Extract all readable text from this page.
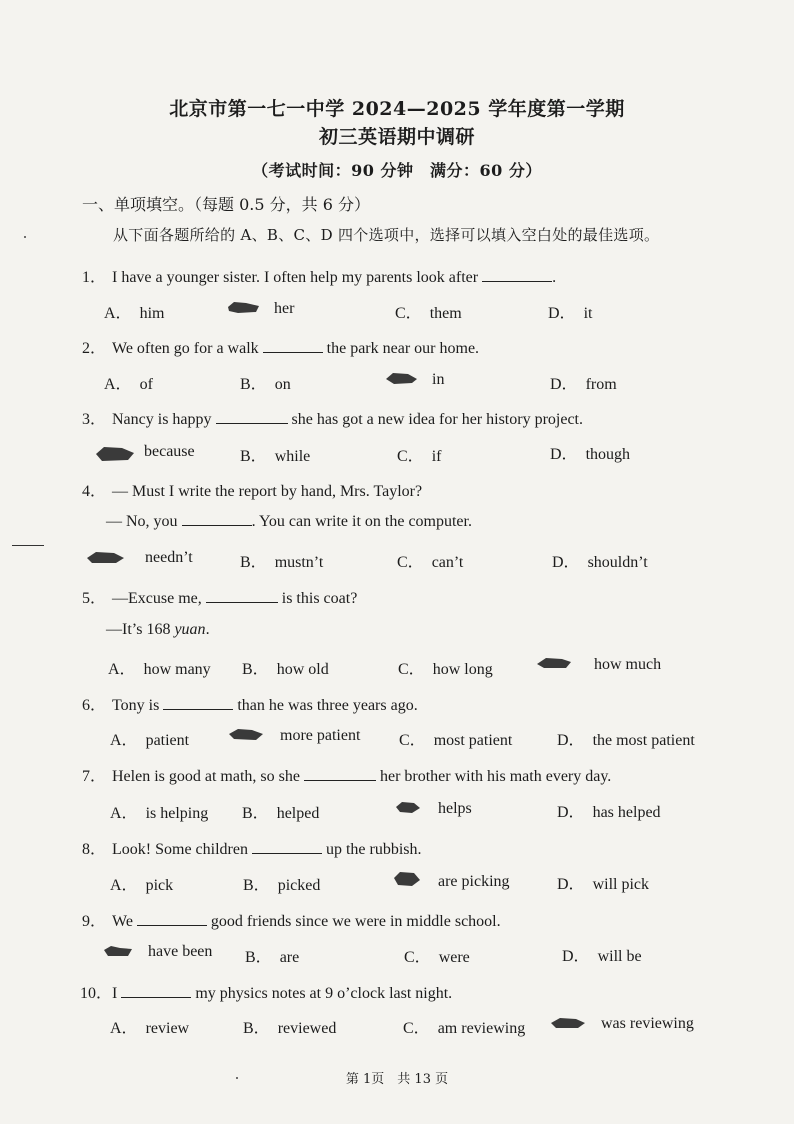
北京市第一七一中学 2024—2025 学年度第一学期
初三英语期中调研
（考试时间：90 分钟　满分：60 分）
一、单项填空。（每题 0.5 分，共 6 分）
从下面各题所给的 A、B、C、D 四个选项中，选择可以填入空白处的最佳选项。
1． I have a younger sister. I often help my parents look after	.
A． him	her	C． them	D． it
2． We often go for a walk	the park near our home.
A． of	B． on	in	D． from
3． Nancy is happy	she has got a new idea for her history project.
because	B． while	C． if	D． though
4． — Must I write the report by hand, Mrs. Taylor?
— No, you	. You can write it on the computer.
needn’t	B． mustn’t	C． can’t	D． shouldn’t
5． —Excuse me,	is this coat?
—It’s 168 yuan.
A． how many B． how old	C． how long	how much
6． Tony is	than he was three years ago.
A． patient	more patient C． most patient	D． the most patient
7． Helen is good at math, so she	her brother with his math every day.
A． is helping B． helped	helps	D． has helped
8． Look! Some children	up the rubbish.
A． pick	B． picked	are picking	D． will pick
9． We	good friends since we were in middle school.
have been B． are	C． were	D． will be
10．I	my physics notes at 9 o’clock last night.
A． review	B． reviewed	C． am reviewing	was reviewing
第 1页　共 13 页
